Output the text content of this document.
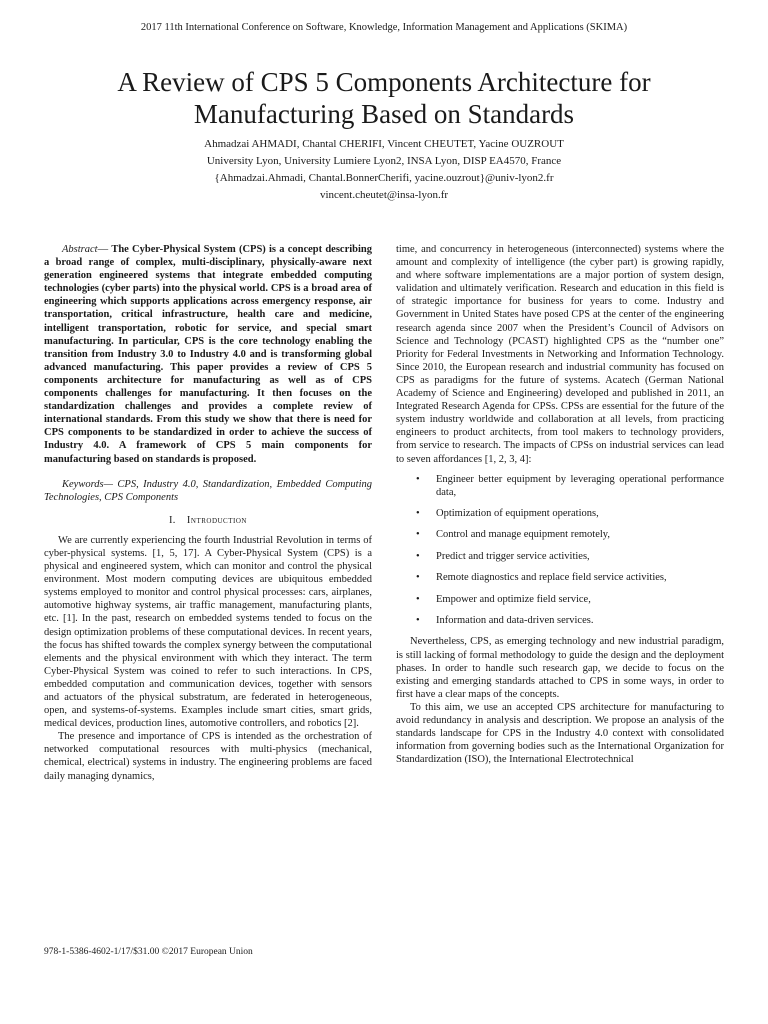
2017 11th International Conference on Software, Knowledge, Information Management and Applications (SKIMA)
A Review of CPS 5 Components Architecture for
Manufacturing Based on Standards
Ahmadzai AHMADI, Chantal CHERIFI, Vincent CHEUTET, Yacine OUZROUT
University Lyon, University Lumiere Lyon2, INSA Lyon, DISP EA4570, France
{Ahmadzai.Ahmadi, Chantal.BonnerCherifi, yacine.ouzrout}@univ-lyon2.fr
vincent.cheutet@insa-lyon.fr

Abstract— The Cyber-Physical System (CPS) is a concept describing a broad range of complex, multi-disciplinary, physically-aware next generation engineered systems that integrate embedded computing technologies (cyber parts) into the physical world. CPS is a broad area of engineering which supports applications across emergency response, air transportation, critical infrastructure, health care and medicine, intelligent transportation, robotic for service, and special smart manufacturing. In particular, CPS is the core technology enabling the transition from Industry 3.0 to Industry 4.0 and is transforming global advanced manufacturing. This paper provides a review of CPS 5 components architecture for manufacturing as well as of CPS components challenges for manufacturing. It then focuses on the standardization challenges and provides a complete review of international standards. From this study we show that there is need for CPS components to be standardized in order to achieve the success of Industry 4.0. A framework of CPS 5 main components for manufacturing based on standards is proposed.

Keywords— CPS, Industry 4.0, Standardization, Embedded Computing Technologies, CPS Components

I. Introduction

We are currently experiencing the fourth Industrial Revolution in terms of cyber-physical systems. [1, 5, 17]. A Cyber-Physical System (CPS) is a physical and engineered system, which can monitor and control the physical environment. Most modern computing devices are ubiquitous embedded systems employed to monitor and control physical processes: cars, airplanes, automotive highway systems, air traffic management, manufacturing plants, etc. [1]. In the past, research on embedded systems tended to focus on the design optimization problems of these computational devices. In recent years, the focus has shifted towards the complex synergy between the computational elements and the physical environment with which they interact. The term Cyber-Physical System was coined to refer to such interactions. In CPS, embedded computation and communication devices, together with sensors and actuators of the physical substratum, are federated in heterogeneous, open, and systems-of-systems. Examples include smart cities, smart grids, medical devices, production lines, automotive controllers, and robotics [2].

The presence and importance of CPS is intended as the orchestration of networked computational resources with multi-physics (mechanical, chemical, electrical) systems in industry. The engineering problems are faced daily managing dynamics,

time, and concurrency in heterogeneous (interconnected) systems where the amount and complexity of intelligence (the cyber part) is growing rapidly, and where software implementations are a major portion of system design, validation and ultimately verification. Research and education in this field is of strategic importance for business for years to come. Industry and Government in United States have posed CPS at the center of the engineering research agenda since 2007 when the President’s Council of Advisors on Science and Technology (PCAST) highlighted CPS as the “number one” Priority for Federal Investments in Networking and Information Technology. Since 2010, the European research and industrial community has focused on CPS as paradigms for the future of systems. Acatech (German National Academy of Science and Engineering) developed and published in 2011, an Integrated Research Agenda for CPSs. CPSs are essential for the future of the system industry worldwide and collaboration at all levels, from practicing engineers to product architects, from tool makers to technology providers, from service to research. The impacts of CPSs on industrial services can lead to seven affordances [1, 2, 3, 4]:

• Engineer better equipment by leveraging operational performance data,
• Optimization of equipment operations,
• Control and manage equipment remotely,
• Predict and trigger service activities,
• Remote diagnostics and replace field service activities,
• Empower and optimize field service,
• Information and data-driven services.

Nevertheless, CPS, as emerging technology and new industrial paradigm, is still lacking of formal methodology to guide the design and the deployment phases. In order to handle such research gap, we decide to focus on the existing and emerging standards attached to CPS in some ways, in order to first have a clear maps of the concepts.

To this aim, we use an accepted CPS architecture for manufacturing to avoid redundancy in analysis and description. We propose an analysis of the standards landscape for CPS in the Industry 4.0 context with consolidated information from governing bodies such as the International Organization for Standardization (ISO), the International Electrotechnical

978-1-5386-4602-1/17/$31.00 ©2017 European Union
